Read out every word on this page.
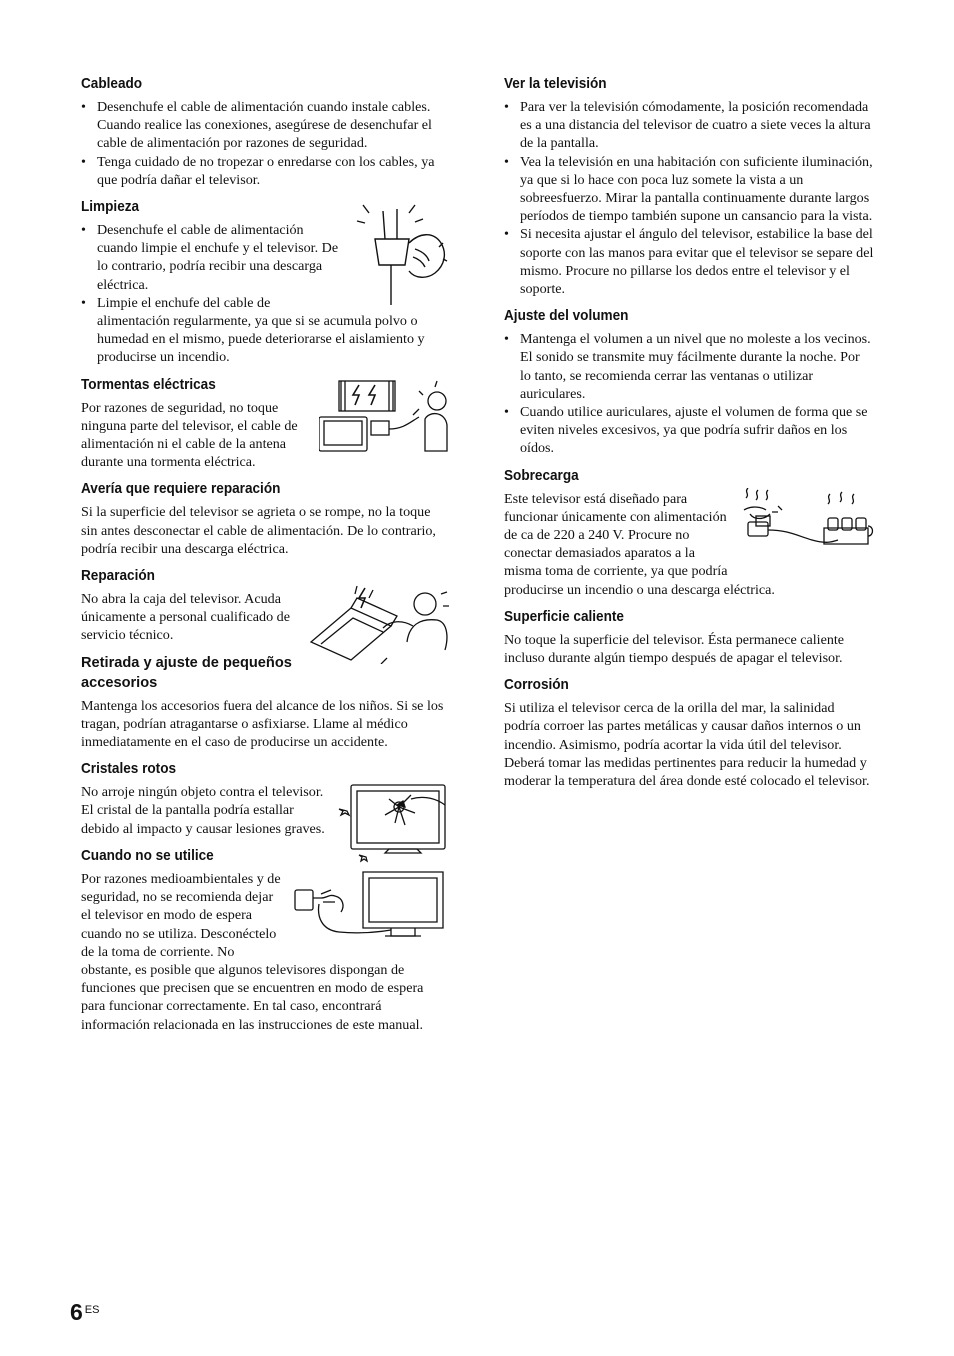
Cableado
• Desenchufe el cable de alimentación cuando instale cables. Cuando realice las conexiones, asegúrese de desenchufar el cable de alimentación por razones de seguridad.
• Tenga cuidado de no tropezar o enredarse con los cables, ya que podría dañar el televisor.
Limpieza
• Desenchufe el cable de alimentación cuando limpie el enchufe y el televisor. De lo contrario, podría recibir una descarga eléctrica.
• Limpie el enchufe del cable de alimentación regularmente, ya que si se acumula polvo o humedad en el mismo, puede deteriorarse el aislamiento y producirse un incendio.
Tormentas eléctricas

Por razones de seguridad, no toque ninguna parte del televisor, el cable de alimentación ni el cable de la antena durante una tormenta eléctrica.

Avería que requiere reparación

Si la superficie del televisor se agrieta o se rompe, no la toque sin antes desconectar el cable de alimentación. De lo contrario, podría recibir una descarga eléctrica.

Reparación

No abra la caja del televisor. Acuda únicamente a personal cualificado de servicio técnico.

Retirada y ajuste de pequeños accesorios

Mantenga los accesorios fuera del alcance de los niños. Si se los tragan, podrían atragantarse o asfixiarse. Llame al médico inmediatamente en el caso de producirse un accidente.

Cristales rotos

No arroje ningún objeto contra el televisor. El cristal de la pantalla podría estallar debido al impacto y causar lesiones graves.

Cuando no se utilice

Por razones medioambientales y de seguridad, no se recomienda dejar el televisor en modo de espera cuando no se utiliza. Desconéctelo de la toma de corriente. No obstante, es posible que algunos televisores dispongan de funciones que precisen que se encuentren en modo de espera para funcionar correctamente. En tal caso, encontrará información relacionada en las instrucciones de este manual.

Ver la televisión
• Para ver la televisión cómodamente, la posición recomendada es a una distancia del televisor de cuatro a siete veces la altura de la pantalla.
• Vea la televisión en una habitación con suficiente iluminación, ya que si lo hace con poca luz somete la vista a un sobreesfuerzo. Mirar la pantalla continuamente durante largos períodos de tiempo también supone un cansancio para la vista.
• Si necesita ajustar el ángulo del televisor, estabilice la base del soporte con las manos para evitar que el televisor se separe del mismo. Procure no pillarse los dedos entre el televisor y el soporte.
Ajuste del volumen
• Mantenga el volumen a un nivel que no moleste a los vecinos. El sonido se transmite muy fácilmente durante la noche. Por lo tanto, se recomienda cerrar las ventanas o utilizar auriculares.
• Cuando utilice auriculares, ajuste el volumen de forma que se eviten niveles excesivos, ya que podría sufrir daños en los oídos.
Sobrecarga

Este televisor está diseñado para funcionar únicamente con alimentación de ca de 220 a 240 V. Procure no conectar demasiados aparatos a la misma toma de corriente, ya que podría producirse un incendio o una descarga eléctrica.

Superficie caliente

No toque la superficie del televisor. Ésta permanece caliente incluso durante algún tiempo después de apagar el televisor.

Corrosión

Si utiliza el televisor cerca de la orilla del mar, la salinidad podría corroer las partes metálicas y causar daños internos o un incendio. Asimismo, podría acortar la vida útil del televisor. Deberá tomar las medidas pertinentes para reducir la humedad y moderar la temperatura del área donde esté colocado el televisor.

6 $^{ES}$
